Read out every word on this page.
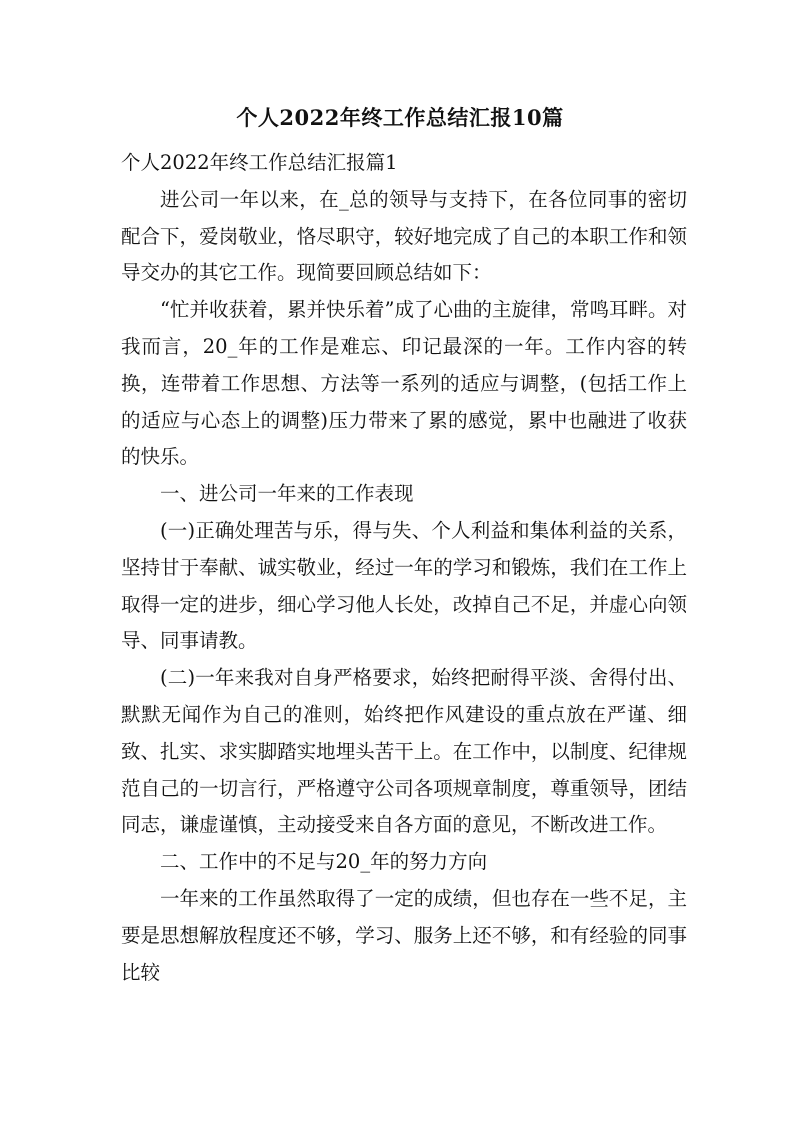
个人2022年终工作总结汇报10篇

个人2022年终工作总结汇报篇1

进公司一年以来，在_总的领导与支持下，在各位同事的密切配合下，爱岗敬业，恪尽职守，较好地完成了自己的本职工作和领导交办的其它工作。现简要回顾总结如下：

“忙并收获着，累并快乐着”成了心曲的主旋律，常鸣耳畔。对我而言，20_年的工作是难忘、印记最深的一年。工作内容的转换，连带着工作思想、方法等一系列的适应与调整，(包括工作上的适应与心态上的调整)压力带来了累的感觉，累中也融进了收获的快乐。

一、进公司一年来的工作表现

(一)正确处理苦与乐，得与失、个人利益和集体利益的关系，坚持甘于奉献、诚实敬业，经过一年的学习和锻炼，我们在工作上取得一定的进步，细心学习他人长处，改掉自己不足，并虚心向领导、同事请教。

(二)一年来我对自身严格要求，始终把耐得平淡、舍得付出、默默无闻作为自己的准则，始终把作风建设的重点放在严谨、细致、扎实、求实脚踏实地埋头苦干上。在工作中，以制度、纪律规范自己的一切言行，严格遵守公司各项规章制度，尊重领导，团结同志，谦虚谨慎，主动接受来自各方面的意见，不断改进工作。

二、工作中的不足与20_年的努力方向

一年来的工作虽然取得了一定的成绩，但也存在一些不足，主要是思想解放程度还不够，学习、服务上还不够，和有经验的同事比较
